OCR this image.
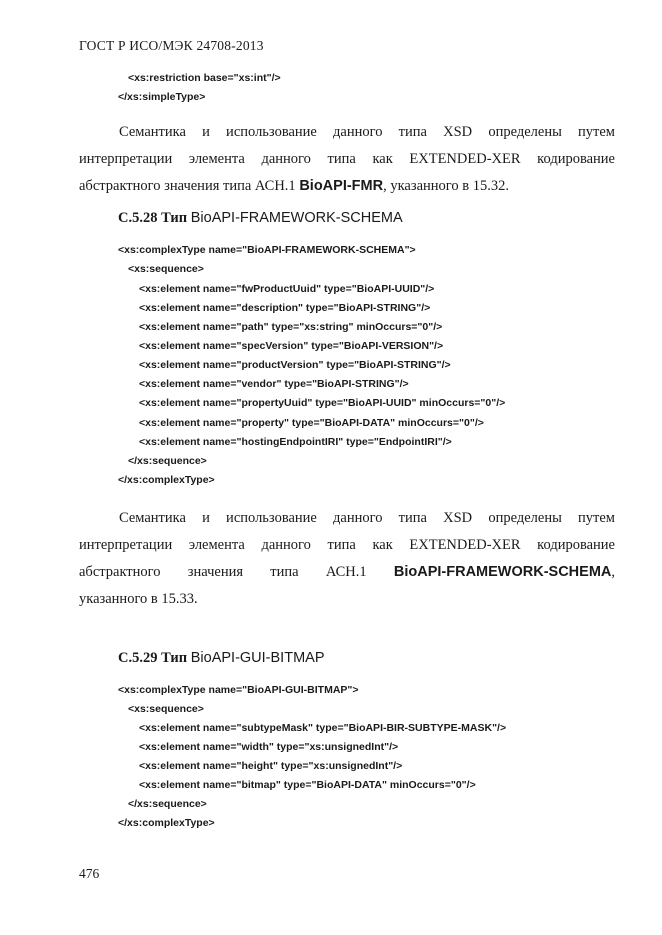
ГОСТ Р ИСО/МЭК 24708-2013
<xs:restriction base="xs:int"/>
</xs:simpleType>
Семантика и использование данного типа XSD определены путем
интерпретации элемента данного типа как EXTENDED-XER кодирование
абстрактного значения типа АСН.1 BioAPI-FMR, указанного в 15.32.
С.5.28 Тип BioAPI-FRAMEWORK-SCHEMA
<xs:complexType name="BioAPI-FRAMEWORK-SCHEMA">
<xs:sequence>
<xs:element name="fwProductUuid" type="BioAPI-UUID"/>
<xs:element name="description" type="BioAPI-STRING"/>
<xs:element name="path" type="xs:string" minOccurs="0"/>
<xs:element name="specVersion" type="BioAPI-VERSION"/>
<xs:element name="productVersion" type="BioAPI-STRING"/>
<xs:element name="vendor" type="BioAPI-STRING"/>
<xs:element name="propertyUuid" type="BioAPI-UUID" minOccurs="0"/>
<xs:element name="property" type="BioAPI-DATA" minOccurs="0"/>
<xs:element name="hostingEndpointIRI" type="EndpointIRI"/>
</xs:sequence>
</xs:complexType>
Семантика и использование данного типа XSD определены путем
интерпретации элемента данного типа как EXTENDED-XER кодирование
абстрактного значения типа АСН.1 BioAPI-FRAMEWORK-SCHEMA,
указанного в 15.33.
С.5.29 Тип BioAPI-GUI-BITMAP
<xs:complexType name="BioAPI-GUI-BITMAP">
<xs:sequence>
<xs:element name="subtypeMask" type="BioAPI-BIR-SUBTYPE-MASK"/>
<xs:element name="width" type="xs:unsignedInt"/>
<xs:element name="height" type="xs:unsignedInt"/>
<xs:element name="bitmap" type="BioAPI-DATA" minOccurs="0"/>
</xs:sequence>
</xs:complexType>
476
